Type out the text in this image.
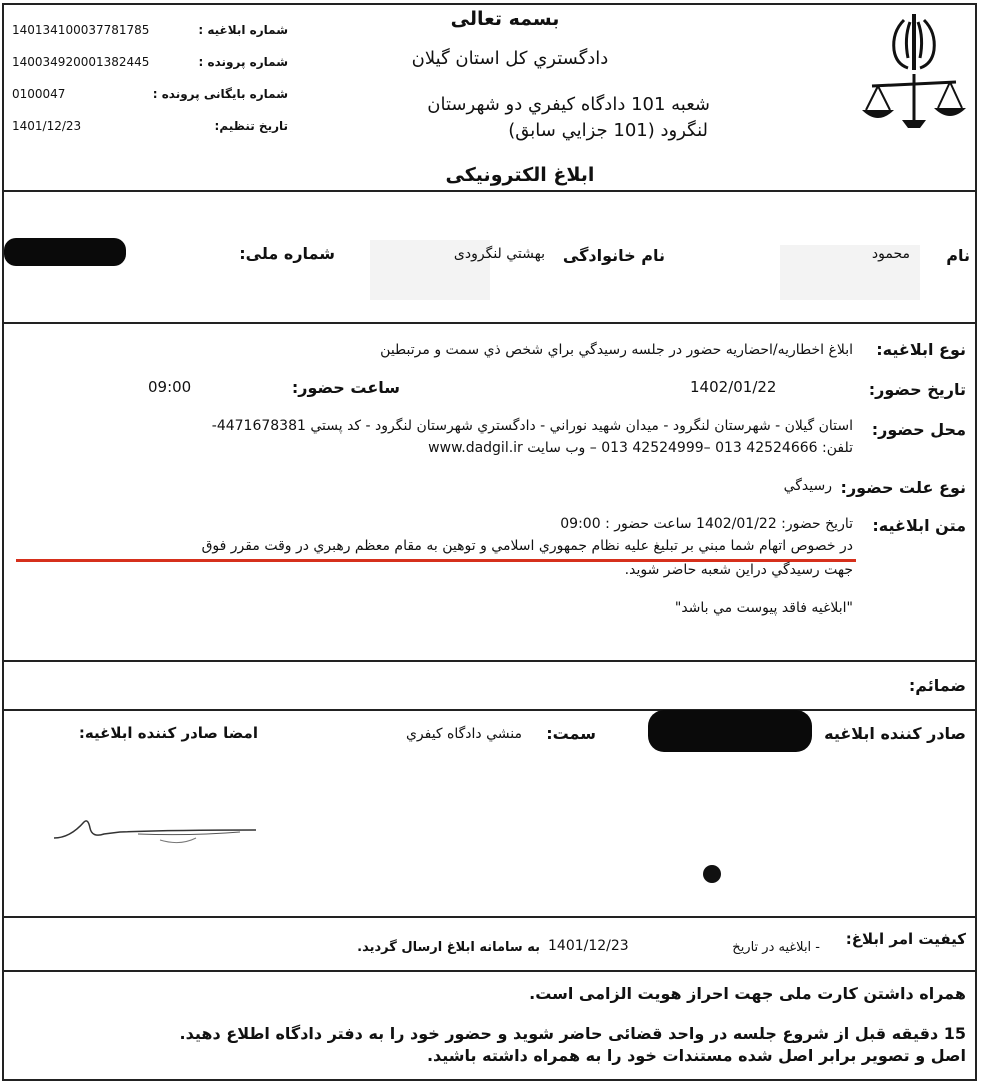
بسمه تعالی
دادگستري كل استان گيلان
شعبه 101 دادگاه کيفري دو شهرستان
لنگرود (101 جزايي سابق)
ابلاغ الكترونيكی
140134100037781785	شماره ابلاغيه :
140034920001382445	شماره پرونده :
0100047	شماره بايگانی پرونده :
1401/12/23	تاريخ تنظيم:
نام
محمود
نام خانوادگی
بهشتي لنگرودی
شماره ملی:
نوع ابلاغيه:
ابلاغ اخطاريه/احضاريه حضور در جلسه رسيدگي براي شخص ذي سمت و مرتبطين
تاريخ حضور:
1402/01/22
ساعت حضور:
09:00
محل حضور:
استان گيلان - شهرستان لنگرود - ميدان شهيد نوراني - دادگستري شهرستان لنگرود - كد پستي 4471678381-
تلفن: 42524666 013 –42524999 013 – وب سايت www.dadgil.ir
نوع علت حضور:
رسيدگي
متن ابلاغيه:
تاريخ حضور: 1402/01/22 ساعت حضور : 09:00
در خصوص اتهام شما مبني بر تبليغ عليه نظام جمهوري اسلامي و توهين به مقام معظم رهبري در وقت مقرر فوق
جهت رسيدگي دراين شعبه حاضر شويد.
"ابلاغيه فاقد پيوست مي باشد"
ضمائم:
صادر کننده ابلاغيه
سمت:
منشي دادگاه كيفري
امضا صادر كننده ابلاغيه:
كيفيت امر ابلاغ:
- ابلاغيه در تاريخ
1401/12/23
به سامانه ابلاغ ارسال گرديد.
همراه داشتن كارت ملی جهت احراز هويت الزامی است.
15 دقيقه قبل از شروع جلسه در واحد قضائی حاضر شويد و حضور خود را به دفتر دادگاه اطلاع دهيد.
اصل و تصوير برابر اصل شده مستندات خود را به همراه داشته باشيد.
